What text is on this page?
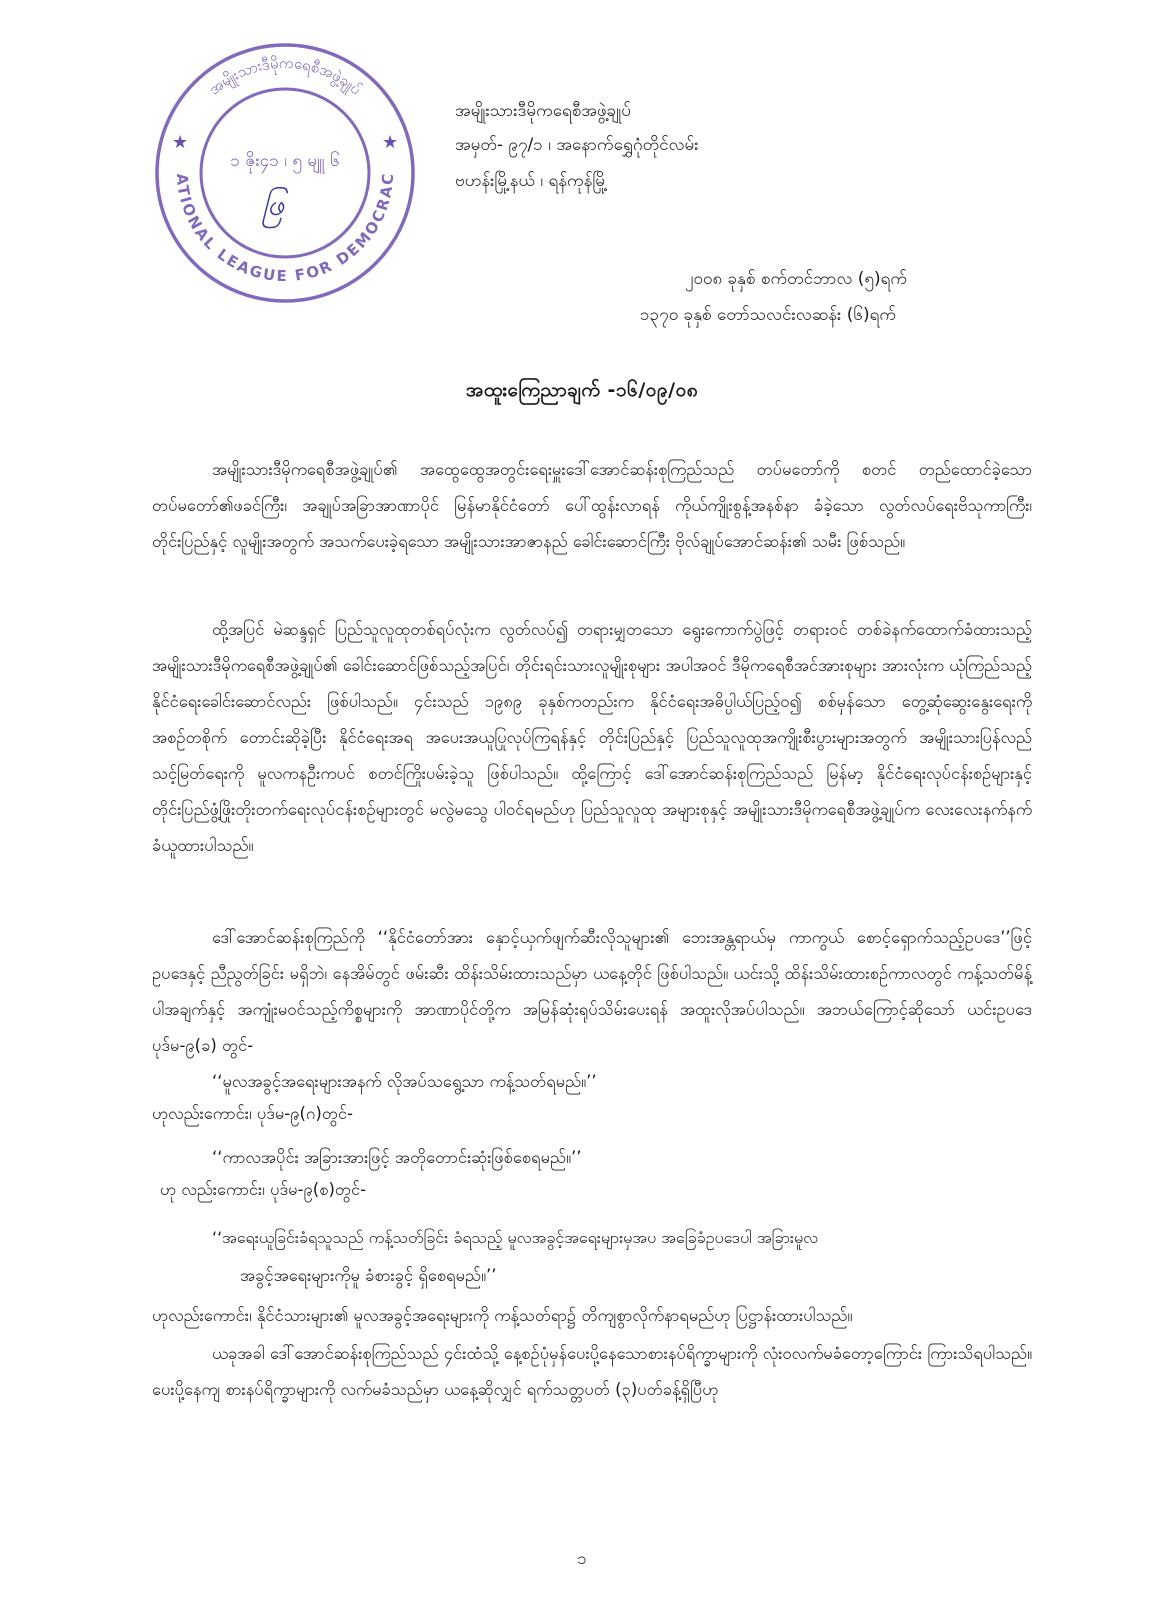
အမျိုးသားဒီမိုကရေစီအဖွဲ့ချုပ်
ATIONAL LEAGUE FOR DEMOCRAC
★	★
၁ ဇိုး၄၁ ၊ ၅ မျူ ၆
ဖြ
အမျိုးသားဒီမိုကရေစီအဖွဲ့ချုပ်
အမှတ်- ၉၇/၁ ၊ အနောက်ရွှေဂုံတိုင်လမ်း
ဗဟန်းမြို့နယ် ၊ ရန်ကုန်မြို့
၂၀၀၈ ခုနှစ် စက်တင်ဘာလ (၅)ရက်
၁၃၇၀ ခုနှစ် တော်သလင်းလဆန်း (၆)ရက်
အထူးကြေညာချက် -၁၆/၀၉/၀၈
အမျိုးသားဒီမိုကရေစီအဖွဲ့ချုပ်၏ အထွေထွေအတွင်းရေးမှူးဒေါ်အောင်ဆန်းစုကြည်သည် တပ်မတော်ကို စတင် တည်ထောင်ခဲ့သော တပ်မတော်၏ဖခင်ကြီး၊ အချုပ်အခြာအာဏာပိုင် မြန်မာနိုင်ငံတော် ပေါ်ထွန်းလာရန် ကိုယ်ကျိုးစွန့်အနစ်နာ ခံခဲ့သော လွတ်လပ်ရေးဗိသုကာကြီး၊ တိုင်းပြည်နှင့် လူမျိုးအတွက် အသက်ပေးခဲ့ရသော အမျိုးသားအာဇာနည် ခေါင်းဆောင်ကြီး ဗိုလ်ချုပ်အောင်ဆန်း၏ သမီး ဖြစ်သည်။
ထို့အပြင် မဲဆန္ဒရှင် ပြည်သူလူထုတစ်ရပ်လုံးက လွတ်လပ်၍ တရားမျှတသော ရွေးကောက်ပွဲဖြင့် တရားဝင် တစ်ခဲနက်ထောက်ခံထားသည့် အမျိုးသားဒီမိုကရေစီအဖွဲ့ချုပ်၏ ခေါင်းဆောင်ဖြစ်သည့်အပြင်၊ တိုင်းရင်းသားလူမျိုးစုများ အပါအဝင် ဒီမိုကရေစီအင်အားစုများ အားလုံးက ယုံကြည်သည့် နိုင်ငံရေးခေါင်းဆောင်လည်း ဖြစ်ပါသည်။ ၄င်းသည် ၁၉၈၉ ခုနှစ်ကတည်းက နိုင်ငံရေးအဓိပ္ပါယ်ပြည့်ဝ၍ စစ်မှန်သော တွေ့ဆုံဆွေးနွေးရေးကို အစဉ်တစိုက် တောင်းဆိုခဲ့ပြီး နိုင်ငံရေးအရ အပေးအယူပြုလုပ်ကြရန်နှင့် တိုင်းပြည်နှင့် ပြည်သူလူထုအကျိုးစီးပွားများအတွက် အမျိုးသားပြန်လည် သင့်မြတ်ရေးကို မူလကနဦးကပင် စတင်ကြိုးပမ်းခဲ့သူ ဖြစ်ပါသည်။ ထို့ကြောင့် ဒေါ်အောင်ဆန်းစုကြည်သည် မြန်မာ့ နိုင်ငံရေးလုပ်ငန်းစဉ်များနှင့် တိုင်းပြည်ဖွံ့ဖြိုးတိုးတက်ရေးလုပ်ငန်းစဉ်များတွင် မလွဲမသွေ ပါဝင်ရမည်ဟု ပြည်သူလူထု အများစုနှင့် အမျိုးသားဒီမိုကရေစီအဖွဲ့ချုပ်က လေးလေးနက်နက် ခံယူထားပါသည်။
ဒေါ်အောင်ဆန်းစုကြည်ကို ‘‘နိုင်ငံတော်အား နှောင့်ယှက်ဖျက်ဆီးလိုသူများ၏ ဘေးအန္တရာယ်မှ ကာကွယ် စောင့်ရှောက်သည့်ဥပဒေ’’ဖြင့် ဥပဒေနှင့် ညီညွတ်ခြင်း မရှိဘဲ၊ နေအိမ်တွင် ဖမ်းဆီး ထိန်းသိမ်းထားသည်မှာ ယနေ့တိုင် ဖြစ်ပါသည်။ ယင်းသို့ ထိန်းသိမ်းထားစဉ်ကာလတွင် ကန့်သတ်မိန့်ပါအချက်နှင့် အကျုံးမဝင်သည့်ကိစ္စများကို အာဏာပိုင်တို့က အမြန်ဆုံးရုပ်သိမ်းပေးရန် အထူးလိုအပ်ပါသည်။ အဘယ်ကြောင့်ဆိုသော် ယင်းဥပဒေပုဒ်မ-၉(ခ) တွင်-
‘‘မူလအခွင့်အရေးများအနက် လိုအပ်သရွေ့သာ ကန့်သတ်ရမည်။’’
ဟုလည်းကောင်း၊ ပုဒ်မ-၉(ဂ)တွင်-
‘‘ကာလအပိုင်း အခြားအားဖြင့် အတိုတောင်းဆုံးဖြစ်စေရမည်။’’
ဟု လည်းကောင်း၊ ပုဒ်မ-၉(စ)တွင်-
‘‘အရေးယူခြင်းခံရသူသည် ကန့်သတ်ခြင်း ခံရသည့် မူလအခွင့်အရေးများမှအပ အခြေခံဥပဒေပါ အခြားမူလ
အခွင့်အရေးများကိုမူ ခံစားခွင့် ရှိစေရမည်။’’
ဟုလည်းကောင်း၊ နိုင်ငံသားများ၏ မူလအခွင့်အရေးများကို ကန့်သတ်ရာ၌ တိကျစွာလိုက်နာရမည်ဟု ပြဋ္ဌာန်းထားပါသည်။
ယခုအခါ ဒေါ်အောင်ဆန်းစုကြည်သည် ၄င်းထံသို့ နေ့စဉ်ပုံမှန်ပေးပို့နေသောစားနပ်ရိက္ခာများကို လုံးဝလက်မခံတော့ကြောင်း ကြားသိရပါသည်။ ပေးပို့နေကျ စားနပ်ရိက္ခာများကို လက်မခံသည်မှာ ယနေ့ဆိုလျှင် ရက်သတ္တပတ် (၃)ပတ်ခန့်ရှိပြီဟု
၁
